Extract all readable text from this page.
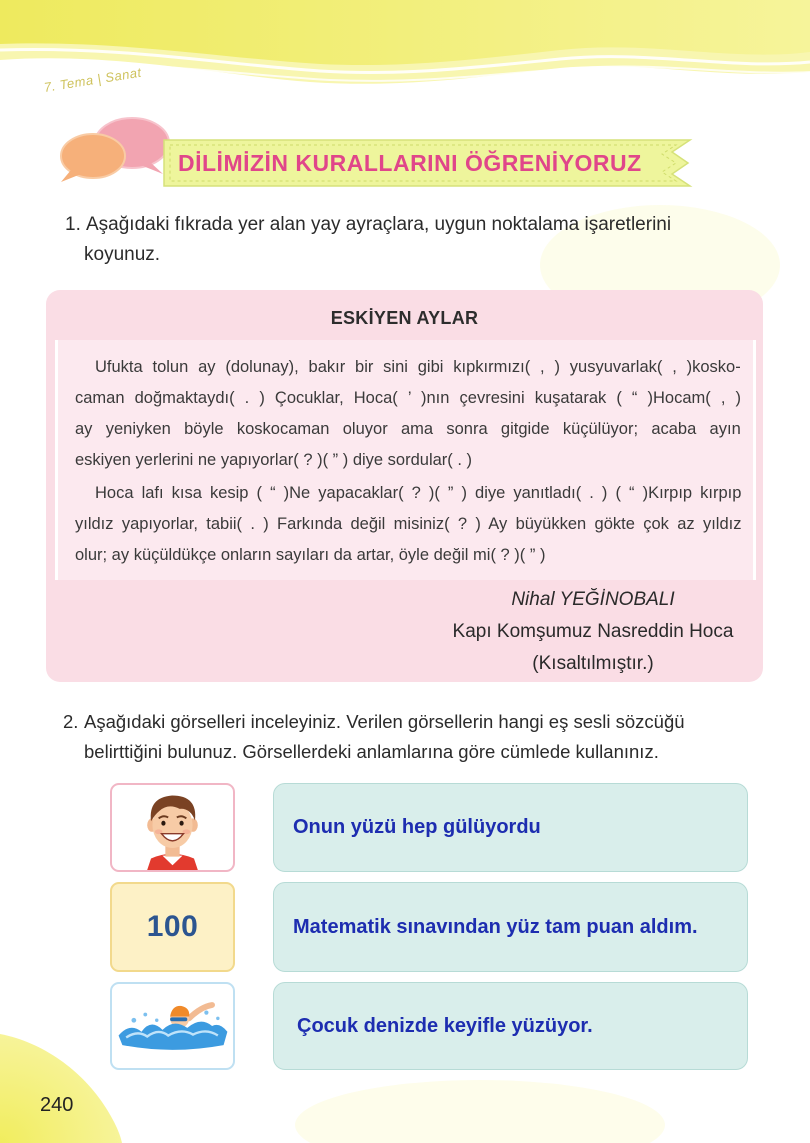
7. Tema | Sanat
DİLİMİZİN KURALLARINI ÖĞRENİYORUZ
1. Aşağıdaki fıkrada yer alan yay ayraçlara, uygun noktalama işaretlerini
koyunuz.
ESKİYEN AYLAR
Ufukta tolun ay (dolunay), bakır bir sini gibi kıpkırmızı( , ) yusyuvarlak( , )kosko-
caman doğmaktaydı( . ) Çocuklar, Hoca( ’ )nın çevresini kuşatarak ( “ )Hocam( , )
ay yeniyken böyle koskocaman oluyor ama sonra gitgide küçülüyor; acaba ayın
eskiyen yerlerini ne yapıyorlar( ? )( ” ) diye sordular( . )
Hoca lafı kısa kesip ( “ )Ne yapacaklar( ? )( ” ) diye yanıtladı( . ) ( “ )Kırpıp kırpıp
yıldız yapıyorlar, tabii( . ) Farkında değil misiniz( ? ) Ay büyükken gökte çok az yıldız
olur; ay küçüldükçe onların sayıları da artar, öyle değil mi( ? )( ” )
Nihal YEĞİNOBALI
Kapı Komşumuz Nasreddin Hoca
(Kısaltılmıştır.)
2. Aşağıdaki görselleri inceleyiniz. Verilen görsellerin hangi eş sesli sözcüğü
belirttiğini bulunuz. Görsellerdeki anlamlarına göre cümlede kullanınız.
Onun yüzü hep gülüyordu
100	Matematik sınavından yüz tam puan aldım.
Çocuk denizde keyifle yüzüyor.
240
